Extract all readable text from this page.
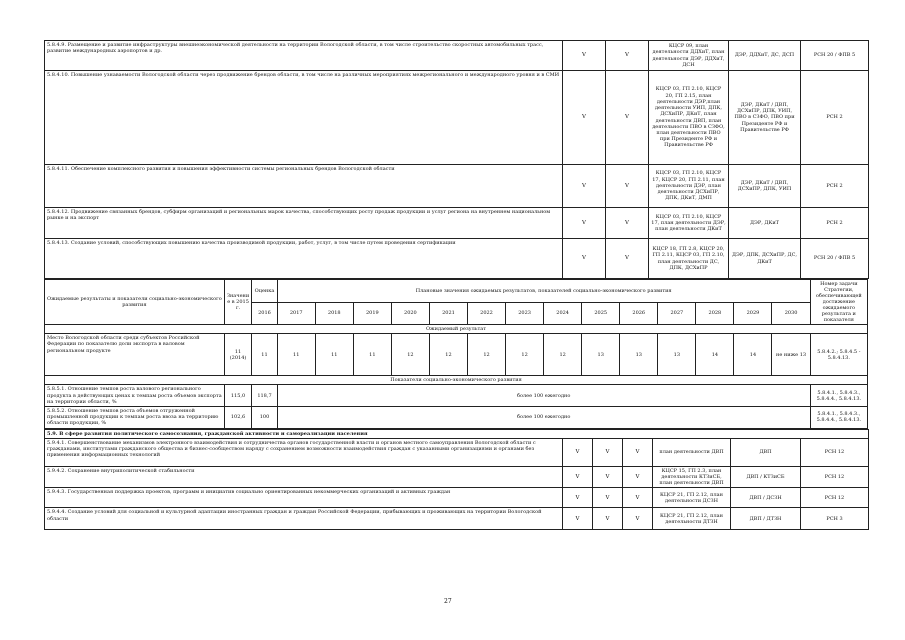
5.8.4.9. Размещение и развитие инфраструктуры внешнеэкономической деятельности на территории Вологодской области, в том числе строительство скоростных автомобильных трасс, развитие международных аэропортов и др.	V	V	КЦСР 09, план деятельности ДДХиТ, план деятельности ДЭР, ДДХиТ, ДСН	ДЭР, ДДХиТ, ДС, ДСП	РСН 20 / ФПВ 5
5.8.4.10. Повышение узнаваемости Вологодской области через продвижение брендов области, в том числе на различных мероприятиях межрегионального и международного уровня и в СМИ	V	V	КЦСР 03, ГП 2.10, КЦСР 20, ГП 2.15, план деятельности ДЭР,план деятельности УИП, ДПК, ДСХиПР, ДКиТ, план деятельности ДВП, план деятельности ПВО в СЗФО, план деятельности ПВО при Президенте РФ и Правительстве РФ	ДЭР, ДКиТ / ДВП, ДСХиПР, ДПК, УИП, ПВО в СЗФО, ПВО при Президенте РФ и Правительстве РФ	РСН 2
5.8.4.11. Обеспечение комплексного развития и повышения эффективности системы региональных брендов Вологодской области	V	V	КЦСР 03, ГП 2.10, КЦСР 17, КЦСР 20, ГП 2.11, план деятельности ДЭР, план деятельности ДСХиПР, ДПК, ДКиТ, ДМП	ДЭР, ДКиТ / ДВП, ДСХиПР, ДПК, УИП	РСН 2
5.8.4.12. Продвижение связанных брендов, субфирм организаций и региональных марок качества, способствующих росту продаж продукции и услуг региона на внутреннем национальном рынке и на экспорт	V	V	КЦСР 03, ГП 2.10, КЦСР 17, план деятельности ДЭР, план деятельности ДКиТ	ДЭР, ДКиТ	РСН 2
5.8.4.13. Создание условий, способствующих повышению качества производимой продукции, работ, услуг, в том числе путем проведения сертификации	V	V	КЦСР 18, ГП 2.8, КЦСР 20, ГП 2.11, КЦСР 03, ГП 2.10, план деятельности ДС, ДПК, ДСХиПР	ДЭР, ДПК, ДСХиПР, ДС, ДКиТ	РСН 20 / ФПВ 5
Ожидаемые результаты и показатели социально-экономического развития	Значение в 2015 г.	Оценка	Плановые значения ожидаемых результатов, показателей социально-экономического развития														Номер задачи Стратегии, обеспечивающей достижение ожидаемого результата и показателя
		2016	2017	2018	2019	2020	2021	2022	2023	2024	2025	2026	2027	2028	2029	2030	
Ожидаемый результат																	
Место Вологодской области среди субъектов Российской Федерации по показателю доли экспорта в валовом региональном продукте	11 (2014)	11	11	11	11	12	12	12	12	12	13	13	13	14	14	не ниже 13	5.8.4.2.; 5.8.4.5 - 5.8.4.13.
Показатели социально-экономического развития																	
5.8.5.1. Отношение темпов роста валового регионального продукта в действующих ценах к темпам роста объемов экспорта на территории области, %	115,0	118,7	более 100 ежегодно														5.8.4.1., 5.8.4.3., 5.8.4.4., 5.8.4.13.
5.8.5.2. Отношение темпов роста объемов отгруженной промышленной продукции к темпам роста ввоза на территорию области продукции, %	102,6	100	более 100 ежегодно														5.8.4.1., 5.8.4.3., 5.8.4.4., 5.8.4.13.
5.9. В сфере развития политического самосознания, гражданской активности и самореализации населения						
5.9.4.1. Совершенствование механизмов электронного взаимодействия и сотрудничества органов государственной власти и органов местного самоуправления Вологодской области с гражданами, институтами гражданского общества и бизнес-сообществом наряду с сохранением возможности взаимодействия граждан с указанными организациями и органами без применения информационных технологий	V	V	V	план деятельности ДВП	ДВП	РСН 12
5.9.4.2. Сохранение внутриполитической стабильности	V	V	V	КЦСР 15, ГП 2.3, план деятельности КТЗиСБ, план деятельности ДВП	ДВП / КТЗиСБ	РСН 12
5.9.4.3. Государственная поддержка проектов, программ и инициатив социально ориентированных некоммерческих организаций и активных граждан	V	V	V	КЦСР 21, ГП 2.12, план деятельности ДСЗН	ДВП / ДСЗН	РСН 12
5.9.4.4. Создание условий для социальной и культурной адаптации иностранных граждан и граждан Российской Федерации, прибывающих и проживающих на территории Вологодской области	V	V	V	КЦСР 21, ГП 2.12, план деятельности ДТЗН	ДВП / ДТЗН	РСН 3
27
